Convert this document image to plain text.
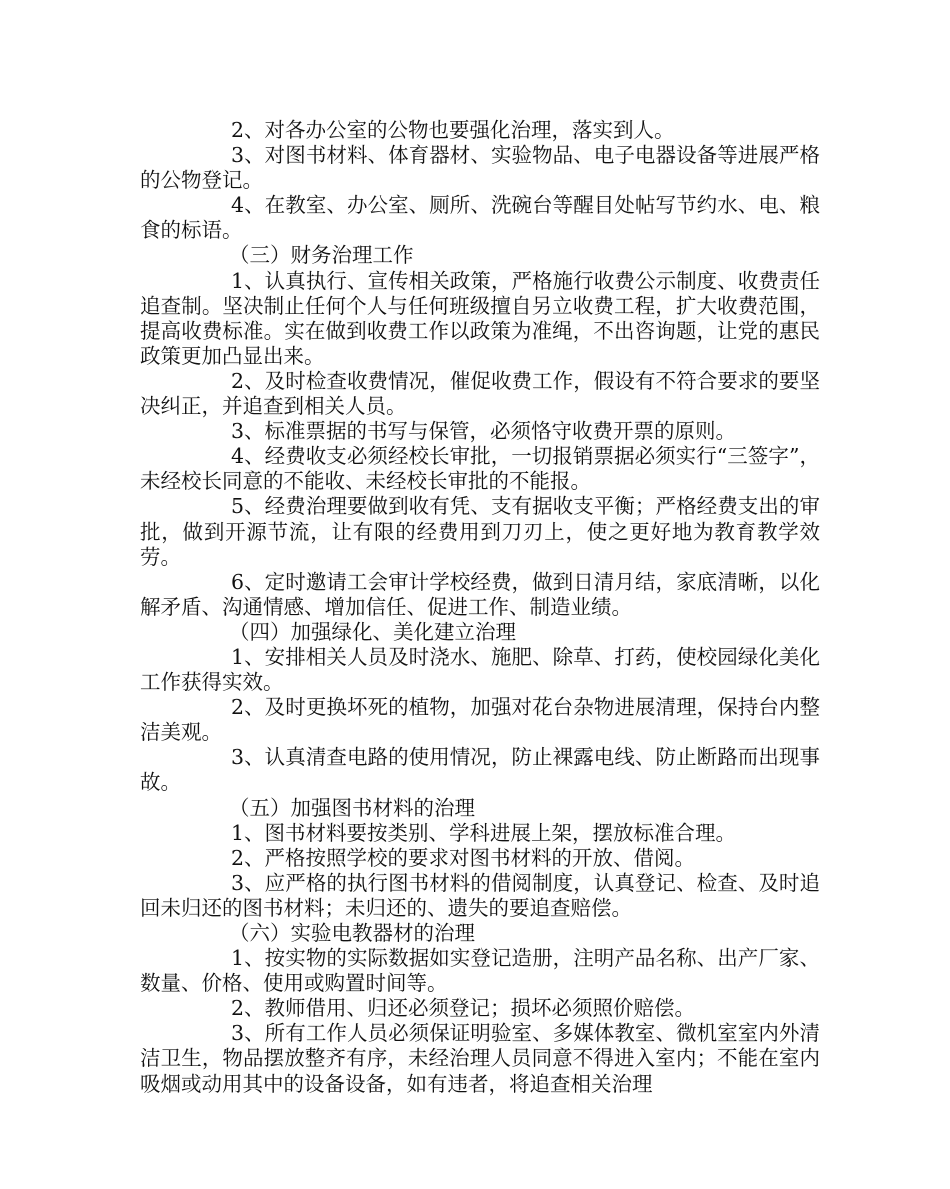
2、对各办公室的公物也要强化治理，落实到人。

3、对图书材料、体育器材、实验物品、电子电器设备等进展严格的公物登记。

4、在教室、办公室、厕所、洗碗台等醒目处帖写节约水、电、粮食的标语。

（三）财务治理工作

1、认真执行、宣传相关政策，严格施行收费公示制度、收费责任追查制。坚决制止任何个人与任何班级擅自另立收费工程，扩大收费范围，提高收费标准。实在做到收费工作以政策为准绳，不出咨询题，让党的惠民政策更加凸显出来。

2、及时检查收费情况，催促收费工作，假设有不符合要求的要坚决纠正，并追查到相关人员。

3、标准票据的书写与保管，必须恪守收费开票的原则。

4、经费收支必须经校长审批，一切报销票据必须实行“三签字”，未经校长同意的不能收、未经校长审批的不能报。

5、经费治理要做到收有凭、支有据收支平衡；严格经费支出的审批，做到开源节流，让有限的经费用到刀刃上，使之更好地为教育教学效劳。

6、定时邀请工会审计学校经费，做到日清月结，家底清晰，以化解矛盾、沟通情感、增加信任、促进工作、制造业绩。

（四）加强绿化、美化建立治理

1、安排相关人员及时浇水、施肥、除草、打药，使校园绿化美化工作获得实效。

2、及时更换坏死的植物，加强对花台杂物进展清理，保持台内整洁美观。

3、认真清查电路的使用情况，防止裸露电线、防止断路而出现事故。

（五）加强图书材料的治理

1、图书材料要按类别、学科进展上架，摆放标准合理。

2、严格按照学校的要求对图书材料的开放、借阅。

3、应严格的执行图书材料的借阅制度，认真登记、检查、及时追回未归还的图书材料；未归还的、遗失的要追查赔偿。

（六）实验电教器材的治理

1、按实物的实际数据如实登记造册，注明产品名称、出产厂家、数量、价格、使用或购置时间等。

2、教师借用、归还必须登记；损坏必须照价赔偿。

3、所有工作人员必须保证明验室、多媒体教室、微机室室内外清洁卫生，物品摆放整齐有序，未经治理人员同意不得进入室内；不能在室内吸烟或动用其中的设备设备，如有违者，将追查相关治理
